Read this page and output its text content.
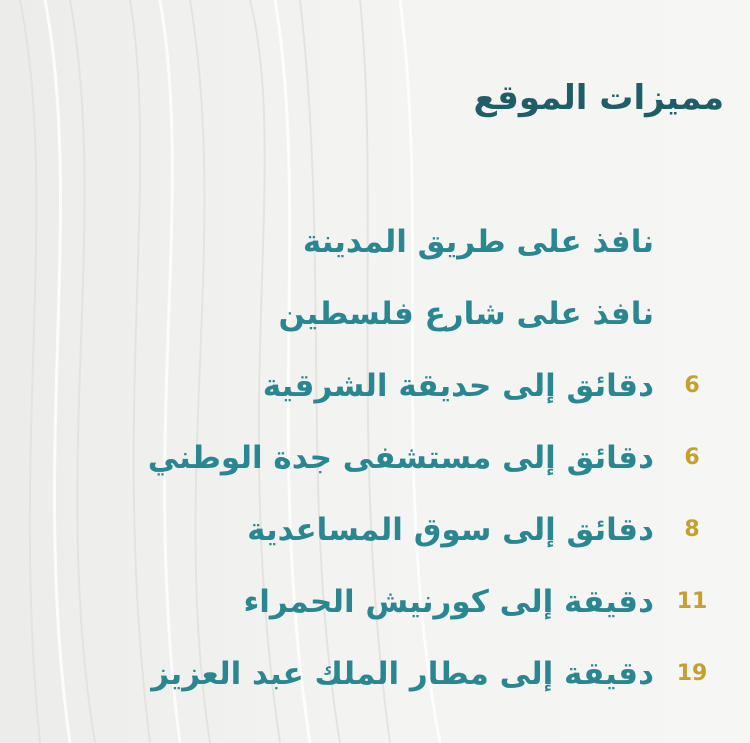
مميزات الموقع
نافذ على طريق المدينة
نافذ على شارع فلسطين
6
دقائق إلى حديقة الشرقية
6
دقائق إلى مستشفى جدة الوطني
8
دقائق إلى سوق المساعدية
11
دقيقة إلى كورنيش الحمراء
19
دقيقة إلى مطار الملك عبد العزيز
